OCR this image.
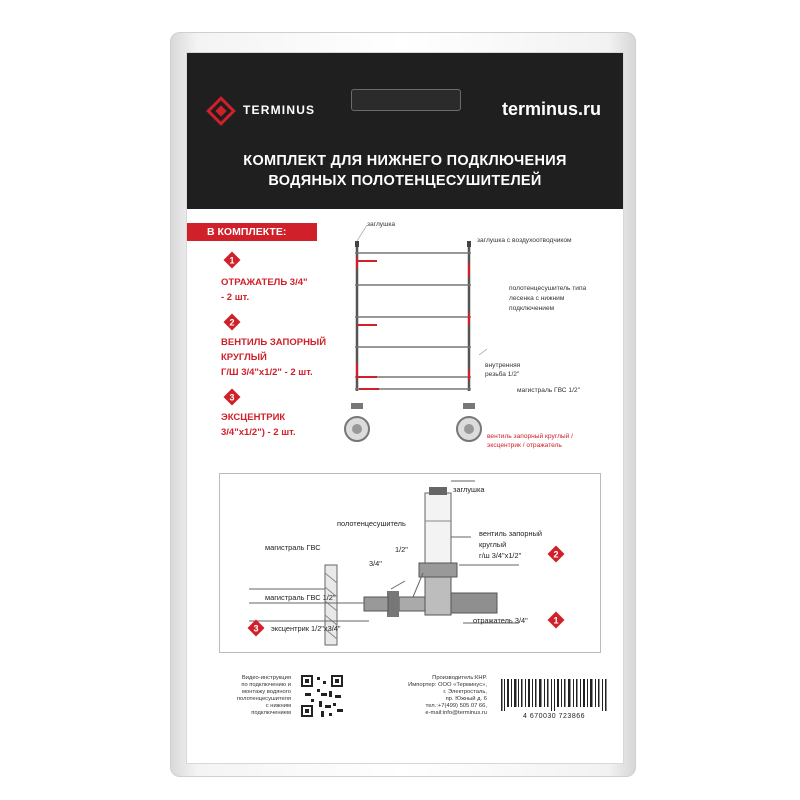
TERMINUS	terminus.ru
КОМПЛЕКТ ДЛЯ НИЖНЕГО ПОДКЛЮЧЕНИЯ
ВОДЯНЫХ ПОЛОТЕНЦЕСУШИТЕЛЕЙ
В КОМПЛЕКТЕ:
1
ОТРАЖАТЕЛЬ 3/4"
- 2 шт.
2
ВЕНТИЛЬ ЗАПОРНЫЙ
КРУГЛЫЙ
Г/Ш 3/4"х1/2" - 2 шт.
3
ЭКСЦЕНТРИК
3/4"х1/2") - 2 шт.
заглушка
заглушка с воздухоотводчиком
полотенцесушитель типа
лесенка с нижним
подключением
внутренняя
резьба 1/2"
магистраль ГВС 1/2"
вентиль запорный круглый /
эксцентрик / отражатель
2
1
3
заглушка
полотенцесушитель
магистраль ГВС	1/2"
3/4"
вентиль запорный
круглый
г/ш 3/4"х1/2"
магистраль ГВС 1/2"
эксцентрик 1/2"х3/4"
отражатель 3/4"
Видео-инструкция
по подключению и
монтажу водяного
полотенцесушителя
с нижним
подключением
Производитель:КНР.
Импортер: ООО «Терминус»,
г. Электросталь,
пр. Южный д. 6
тел.:+7(499) 505 07 66,
e-mail:info@terminus.ru	4 670030 723866
